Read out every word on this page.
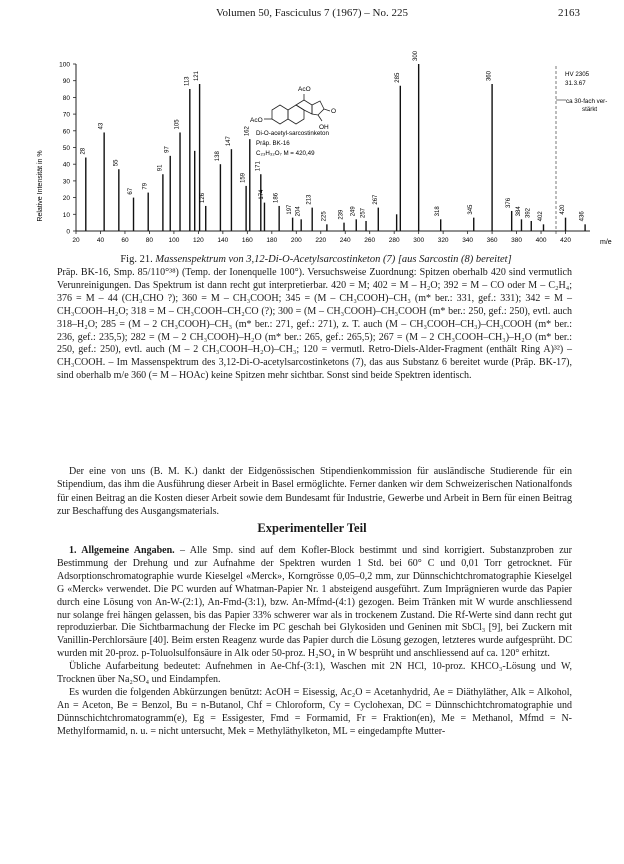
Volumen 50, Fasciculus 7 (1967) – No. 225	2163
0
10
20
30
40
50
60
70
80
90
100
20	40	60	80 100 120 140 160 180 200 220 240 260 280 300 320 340 360 380 400 420
28
43
55
67
79
91
97
105
113
121
126
138
147
159
162
171
174 186
197 204
213
225 239 249 257
267
285
300
318	345
360
376
384 392 402
420
436
Relative Intensität in %
m/e
AcO
AcO
OH
O
Di-O-acetyl-sarcostinketon
Präp. BK-16
C₂₃H₃₂O₇ M = 420,49
HV 2305
31.3.67
ca 30-fach ver-
stärkt
Fig. 21. Massenspektrum von 3,12-Di-O-Acetylsarcostinketon (7) [aus Sarcostin (8) bereitet]

Präp. BK-16, Smp. 85/110°³⁸) (Temp. der Ionenquelle 100°). Versuchsweise Zuordnung: Spitzen oberhalb 420 sind vermutlich Verunreinigungen. Das Spektrum ist dann recht gut interpretierbar. 420 = M; 402 = M – H₂O; 392 = M – CO oder M – C₂H₄; 376 = M – 44 (CH₃CHO ?); 360 = M – CH₃COOH; 345 = (M – CH₃COOH)–CH₃ (m* ber.: 331, gef.: 331); 342 = M – CH₃COOH–H₂O; 318 = M – CH₃COOH–CH₂CO (?); 300 = (M – CH₃COOH)–CH₃COOH (m* ber.: 250, gef.: 250), evtl. auch 318–H₂O; 285 = (M – 2 CH₃COOH)–CH₃ (m* ber.: 271, gef.: 271), z. T. auch (M – CH₃COOH–CH₃)–CH₃COOH (m* ber.: 236, gef.: 235,5); 282 = (M – 2 CH₃COOH)–H₂O (m* ber.: 265, gef.: 265,5); 267 = (M – 2 CH₃COOH–CH₃)–H₂O (m* ber.: 250, gef.: 250), evtl. auch (M – 2 CH₃COOH–H₂O)–CH₃; 120 = vermutl. Retro-Diels-Alder-Fragment (enthält Ring A)³²) –CH₃COOH. – Im Massenspektrum des 3,12-Di-O-acetylsarcostinketons (7), das aus Substanz 6 bereitet wurde (Präp. BK-17), sind oberhalb m/e 360 (= M – HOAc) keine Spitzen mehr sichtbar. Sonst sind beide Spektren identisch.

Der eine von uns (B. M. K.) dankt der Eidgenössischen Stipendienkommission für ausländische Studierende für ein Stipendium, das ihm die Ausführung dieser Arbeit in Basel ermöglichte. Ferner danken wir dem Schweizerischen Nationalfonds für einen Beitrag an die Kosten dieser Arbeit sowie dem Bundesamt für Industrie, Gewerbe und Arbeit in Bern für einen Beitrag zur Beschaffung des Ausgangsmaterials.

Experimenteller Teil

1. Allgemeine Angaben. – Alle Smp. sind auf dem Kofler-Block bestimmt und sind korrigiert. Substanzproben zur Bestimmung der Drehung und zur Aufnahme der Spektren wurden 1 Std. bei 60° C und 0,01 Torr getrocknet. Für Adsorptionschromatographie wurde Kieselgel «Merck», Korngrösse 0,05–0,2 mm, zur Dünnschichtchromatographie Kieselgel G «Merck» verwendet. Die PC wurden auf Whatman-Papier Nr. 1 absteigend ausgeführt. Zum Imprägnieren wurde das Papier durch eine Lösung von An-W-(2:1), An-Fmd-(3:1), bzw. An-Mfmd-(4:1) gezogen. Beim Tränken mit W wurde anschliessend nur solange frei hängen gelassen, bis das Papier 33% schwerer war als in trockenem Zustand. Die Rf-Werte sind dann recht gut reproduzierbar. Die Sichtbarmachung der Flecke im PC geschah bei Glykosiden und Geninen mit SbCl₃ [9], bei Zuckern mit Vanillin-Perchlorsäure [40]. Beim ersten Reagenz wurde das Papier durch die Lösung gezogen, letzteres wurde aufgesprüht. DC wurden mit 20-proz. p-Toluolsulfonsäure in Alk oder 50-proz. H₂SO₄ in W besprüht und anschliessend auf ca. 120° erhitzt.

Übliche Aufarbeitung bedeutet: Aufnehmen in Ae-Chf-(3:1), Waschen mit 2N HCl, 10-proz. KHCO₃-Lösung und W, Trocknen über Na₂SO₄ und Eindampfen.

Es wurden die folgenden Abkürzungen benützt: AcOH = Eisessig, Ac₂O = Acetanhydrid, Ae = Diäthyläther, Alk = Alkohol, An = Aceton, Be = Benzol, Bu = n-Butanol, Chf = Chloroform, Cy = Cyclohexan, DC = Dünnschichtchromatographie und Dünnschichtchromatogramm(e), Eg = Essigester, Fmd = Formamid, Fr = Fraktion(en), Me = Methanol, Mfmd = N-Methylformamid, n. u. = nicht untersucht, Mek = Methyläthylketon, ML = eingedampfte Mutter-
